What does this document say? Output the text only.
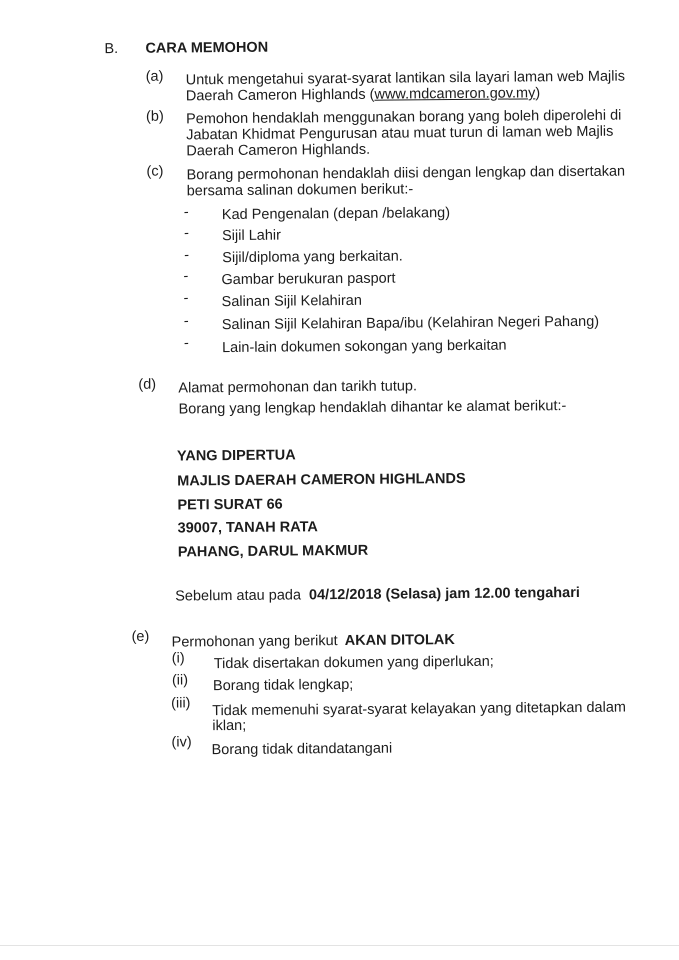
B. CARA MEMOHON
(a) Untuk mengetahui syarat-syarat lantikan sila layari laman web Majlis
Daerah Cameron Highlands (www.mdcameron.gov.my)
(b) Pemohon hendaklah menggunakan borang yang boleh diperolehi di
Jabatan Khidmat Pengurusan atau muat turun di laman web Majlis
Daerah Cameron Highlands.
(c) Borang permohonan hendaklah diisi dengan lengkap dan disertakan
bersama salinan dokumen berikut:-
- Kad Pengenalan (depan /belakang)
- Sijil Lahir
- Sijil/diploma yang berkaitan.
- Gambar berukuran pasport
- Salinan Sijil Kelahiran
- Salinan Sijil Kelahiran Bapa/ibu (Kelahiran Negeri Pahang)
- Lain-lain dokumen sokongan yang berkaitan
(d) Alamat permohonan dan tarikh tutup.
Borang yang lengkap hendaklah dihantar ke alamat berikut:-
YANG DIPERTUA
MAJLIS DAERAH CAMERON HIGHLANDS
PETI SURAT 66
39007, TANAH RATA
PAHANG, DARUL MAKMUR
Sebelum atau pada 04/12/2018 (Selasa) jam 12.00 tengahari
(e) Permohonan yang berikut AKAN DITOLAK
(i) Tidak disertakan dokumen yang diperlukan;
(ii) Borang tidak lengkap;
(iii) Tidak memenuhi syarat-syarat kelayakan yang ditetapkan dalam
iklan;
(iv) Borang tidak ditandatangani
